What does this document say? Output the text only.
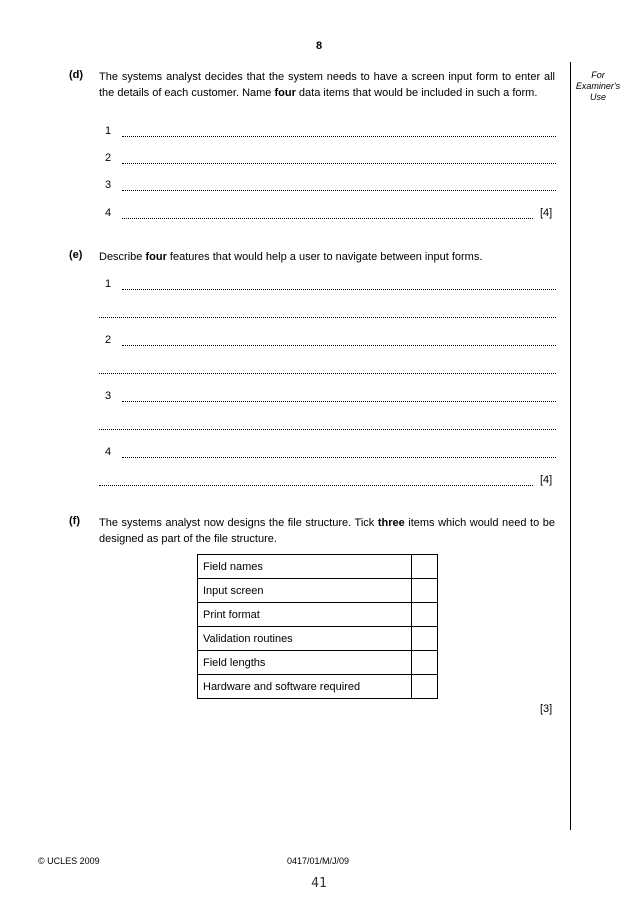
8
For
Examiner's
Use
(d) The systems analyst decides that the system needs to have a screen input form to enter all the details of each customer. Name four data items that would be included in such a form.
1
2
3
4	[4]
(e) Describe four features that would help a user to navigate between input forms.
1
2
3
4
[4]
(f) The systems analyst now designs the file structure. Tick three items which would need to be designed as part of the file structure.
Field names	
Input screen	
Print format	
Validation routines	
Field lengths	
Hardware and software required	
[3]
© UCLES 2009	0417/01/M/J/09
41
